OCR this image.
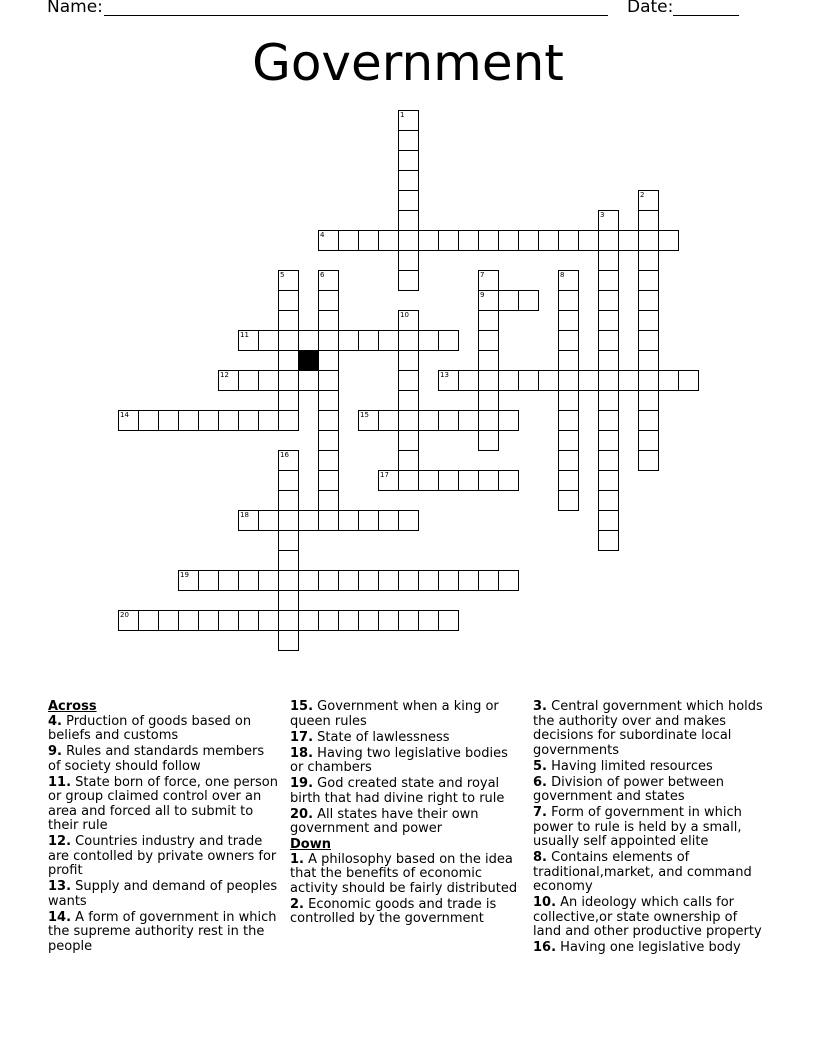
Name:	Date:
Government
1
2
3
4
5	6	7	8
9
10
11
12	13
14	15
16
17
18
19
20
Across
4. Prduction of goods based on beliefs and customs
9. Rules and standards members of society should follow
11. State born of force, one person or group claimed control over an area and forced all to submit to their rule
12. Countries industry and trade are contolled by private owners for profit
13. Supply and demand of peoples wants
14. A form of government in which the supreme authority rest in the people
15. Government when a king or queen rules
17. State of lawlessness
18. Having two legislative bodies or chambers
19. God created state and royal birth that had divine right to rule
20. All states have their own government and power
Down
1. A philosophy based on the idea that the benefits of economic activity should be fairly distributed
2. Economic goods and trade is controlled by the government
3. Central government which holds the authority over and makes decisions for subordinate local governments
5. Having limited resources
6. Division of power between government and states
7. Form of government in which power to rule is held by a small, usually self appointed elite
8. Contains elements of traditional,market, and command economy
10. An ideology which calls for collective,or state ownership of land and other productive property
16. Having one legislative body
